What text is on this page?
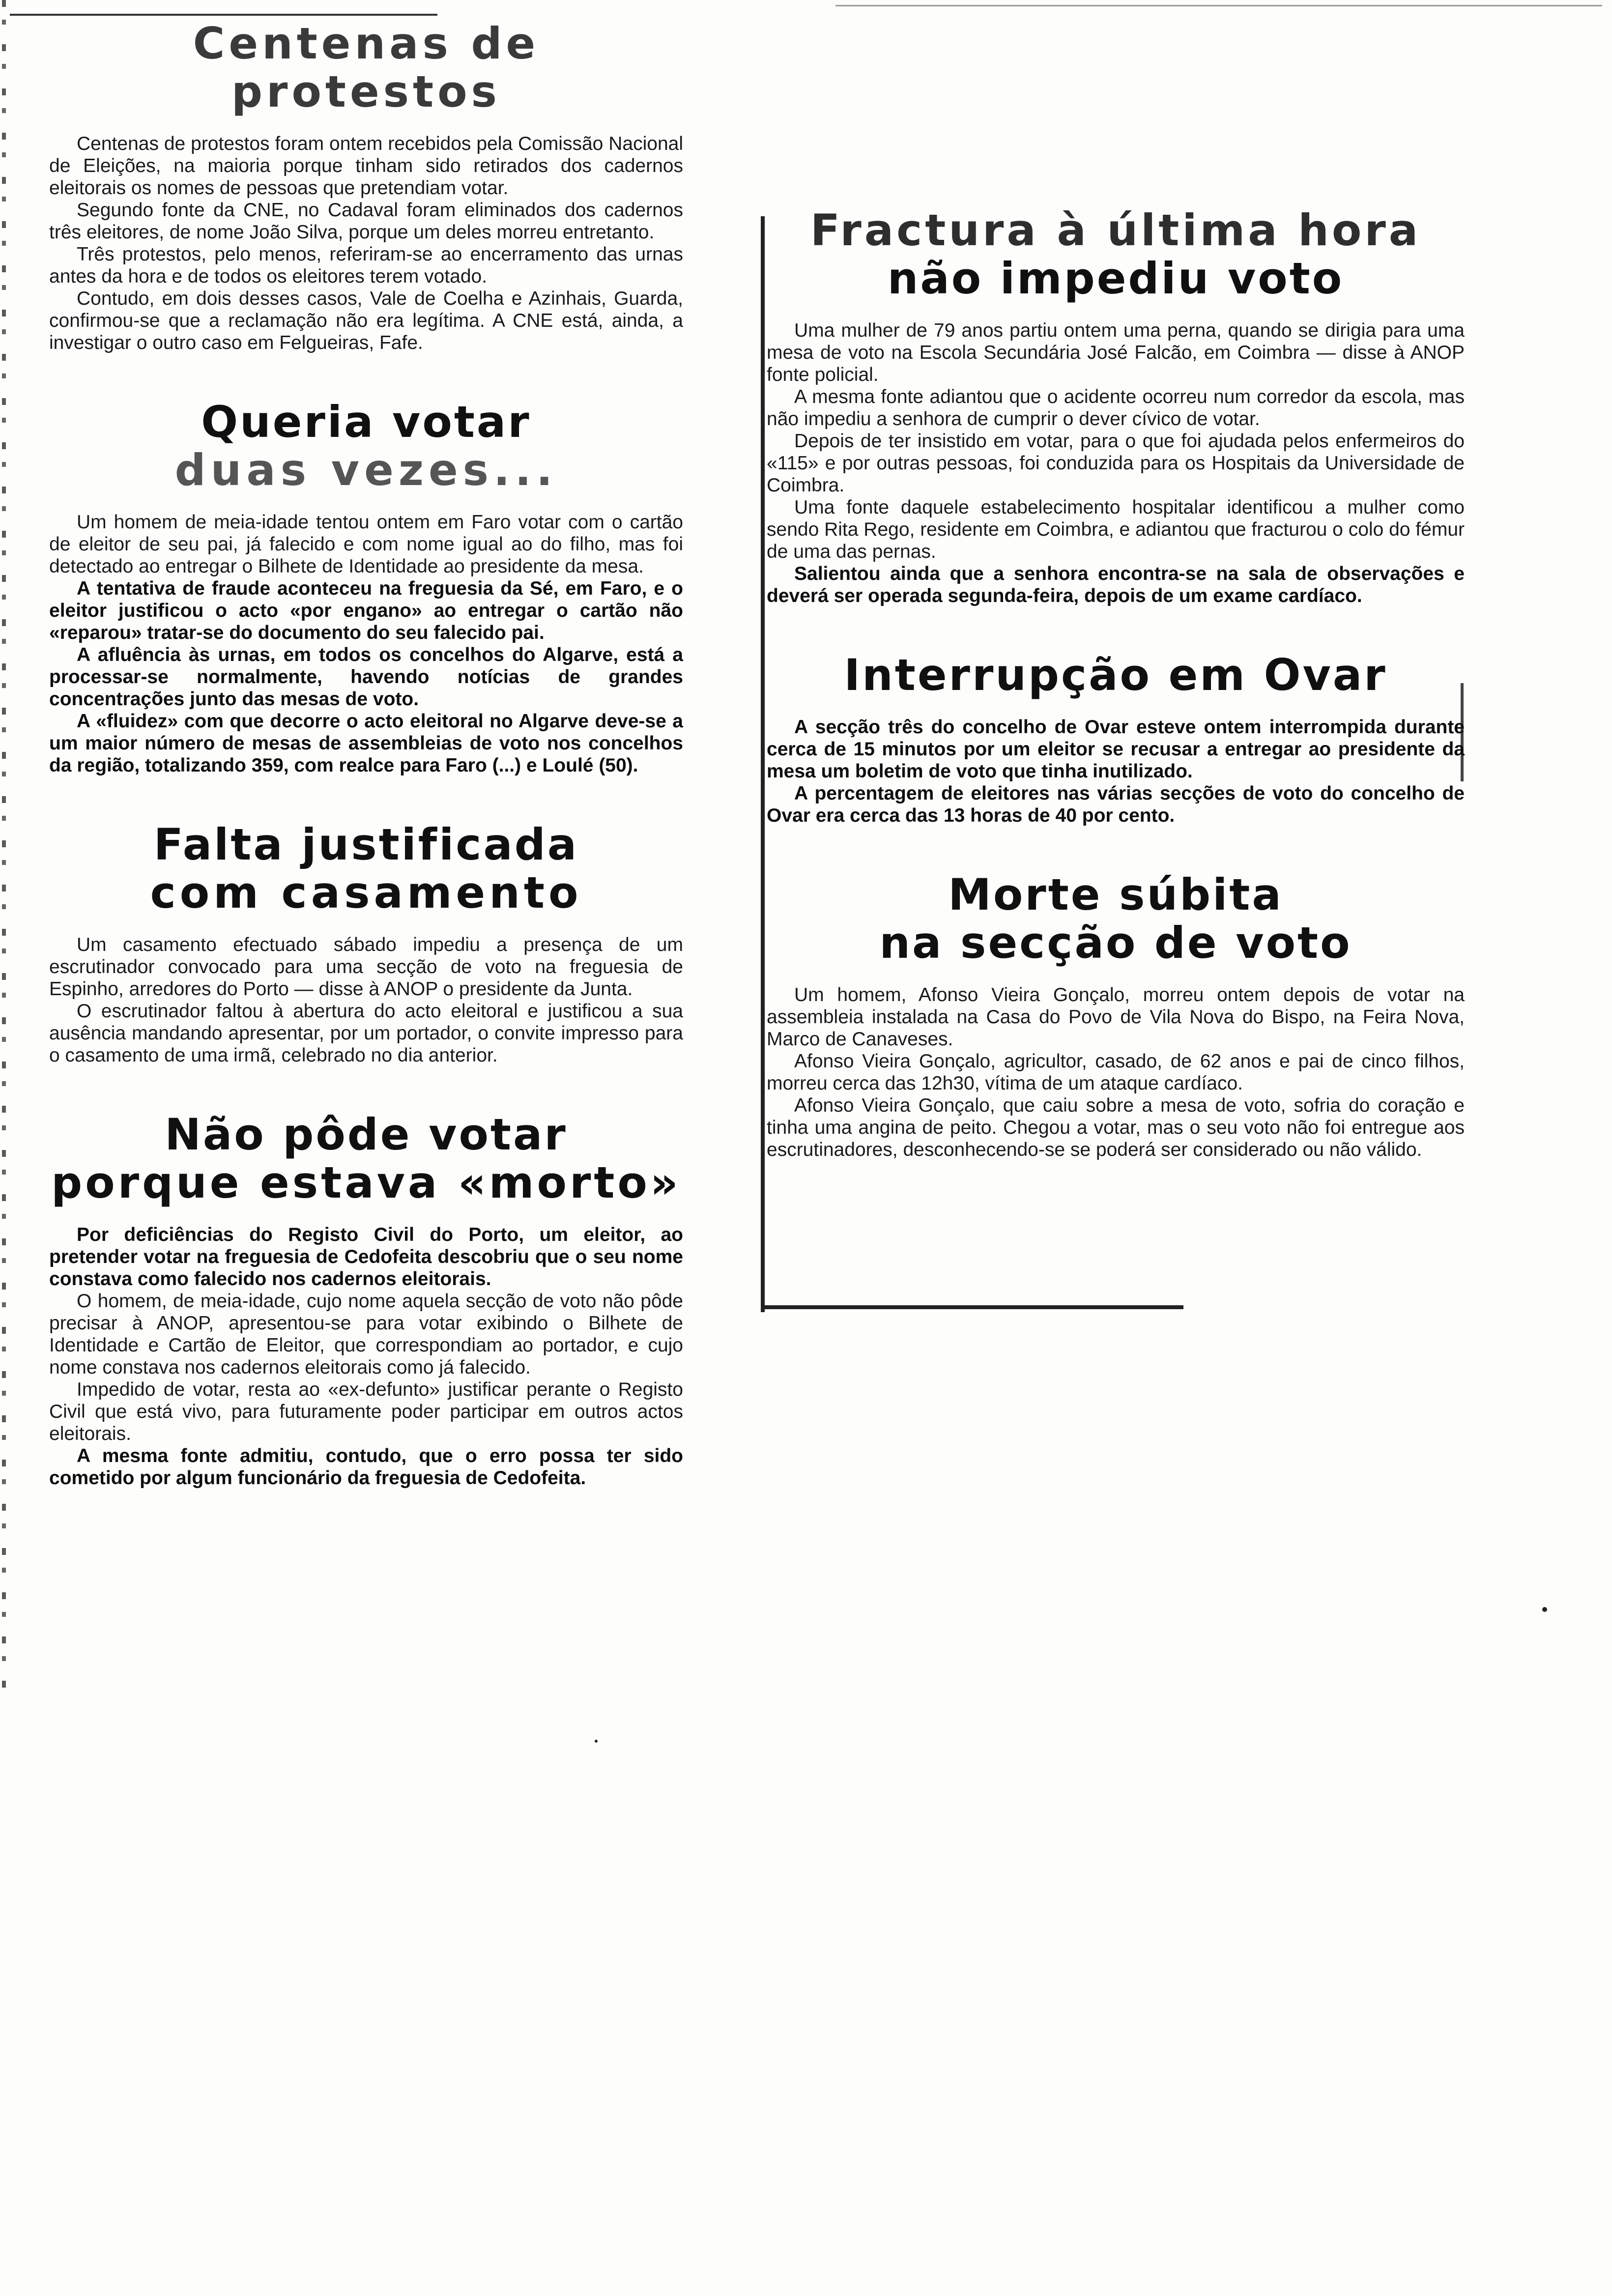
Centenas de protestos

Centenas de protestos foram ontem recebidos pela Comissão Nacional de Eleições, na maioria porque tinham sido retirados dos cadernos eleitorais os nomes de pessoas que pretendiam votar.

Segundo fonte da CNE, no Cadaval foram eliminados dos cadernos três eleitores, de nome João Silva, porque um deles morreu entretanto.

Três protestos, pelo menos, referiram-se ao encerramento das urnas antes da hora e de todos os eleitores terem votado.

Contudo, em dois desses casos, Vale de Coelha e Azinhais, Guarda, confirmou-se que a reclamação não era legítima. A CNE está, ainda, a investigar o outro caso em Felgueiras, Fafe.

Queria votar
duas vezes...

Um homem de meia-idade tentou ontem em Faro votar com o cartão de eleitor de seu pai, já falecido e com nome igual ao do filho, mas foi detectado ao entregar o Bilhete de Identidade ao presidente da mesa.

A tentativa de fraude aconteceu na freguesia da Sé, em Faro, e o eleitor justificou o acto «por engano» ao entregar o cartão não «reparou» tratar-se do documento do seu falecido pai.

A afluência às urnas, em todos os concelhos do Algarve, está a processar-se normalmente, havendo notícias de grandes concentrações junto das mesas de voto.

A «fluidez» com que decorre o acto eleitoral no Algarve deve-se a um maior número de mesas de assembleias de voto nos concelhos da região, totalizando 359, com realce para Faro (...) e Loulé (50).

Falta justificada
com casamento

Um casamento efectuado sábado impediu a presença de um escrutinador convocado para uma secção de voto na freguesia de Espinho, arredores do Porto — disse à ANOP o presidente da Junta.

O escrutinador faltou à abertura do acto eleitoral e justificou a sua ausência mandando apresentar, por um portador, o convite impresso para o casamento de uma irmã, celebrado no dia anterior.

Não pôde votar
porque estava «morto»

Por deficiências do Registo Civil do Porto, um eleitor, ao pretender votar na freguesia de Cedofeita descobriu que o seu nome constava como falecido nos cadernos eleitorais.

O homem, de meia-idade, cujo nome aquela secção de voto não pôde precisar à ANOP, apresentou-se para votar exibindo o Bilhete de Identidade e Cartão de Eleitor, que correspondiam ao portador, e cujo nome constava nos cadernos eleitorais como já falecido.

Impedido de votar, resta ao «ex-defunto» justificar perante o Registo Civil que está vivo, para futuramente poder participar em outros actos eleitorais.

A mesma fonte admitiu, contudo, que o erro possa ter sido cometido por algum funcionário da freguesia de Cedofeita.

Fractura à última hora
não impediu voto

Uma mulher de 79 anos partiu ontem uma perna, quando se dirigia para uma mesa de voto na Escola Secundária José Falcão, em Coimbra — disse à ANOP fonte policial.

A mesma fonte adiantou que o acidente ocorreu num corredor da escola, mas não impediu a senhora de cumprir o dever cívico de votar.

Depois de ter insistido em votar, para o que foi ajudada pelos enfermeiros do «115» e por outras pessoas, foi conduzida para os Hospitais da Universidade de Coimbra.

Uma fonte daquele estabelecimento hospitalar identificou a mulher como sendo Rita Rego, residente em Coimbra, e adiantou que fracturou o colo do fémur de uma das pernas.

Salientou ainda que a senhora encontra-se na sala de observações e deverá ser operada segunda-feira, depois de um exame cardíaco.

Interrupção em Ovar

A secção três do concelho de Ovar esteve ontem interrompida durante cerca de 15 minutos por um eleitor se recusar a entregar ao presidente da mesa um boletim de voto que tinha inutilizado.

A percentagem de eleitores nas várias secções de voto do concelho de Ovar era cerca das 13 horas de 40 por cento.

Morte súbita
na secção de voto

Um homem, Afonso Vieira Gonçalo, morreu ontem depois de votar na assembleia instalada na Casa do Povo de Vila Nova do Bispo, na Feira Nova, Marco de Canaveses.

Afonso Vieira Gonçalo, agricultor, casado, de 62 anos e pai de cinco filhos, morreu cerca das 12h30, vítima de um ataque cardíaco.

Afonso Vieira Gonçalo, que caiu sobre a mesa de voto, sofria do coração e tinha uma angina de peito. Chegou a votar, mas o seu voto não foi entregue aos escrutinadores, desconhecendo-se se poderá ser considerado ou não válido.
